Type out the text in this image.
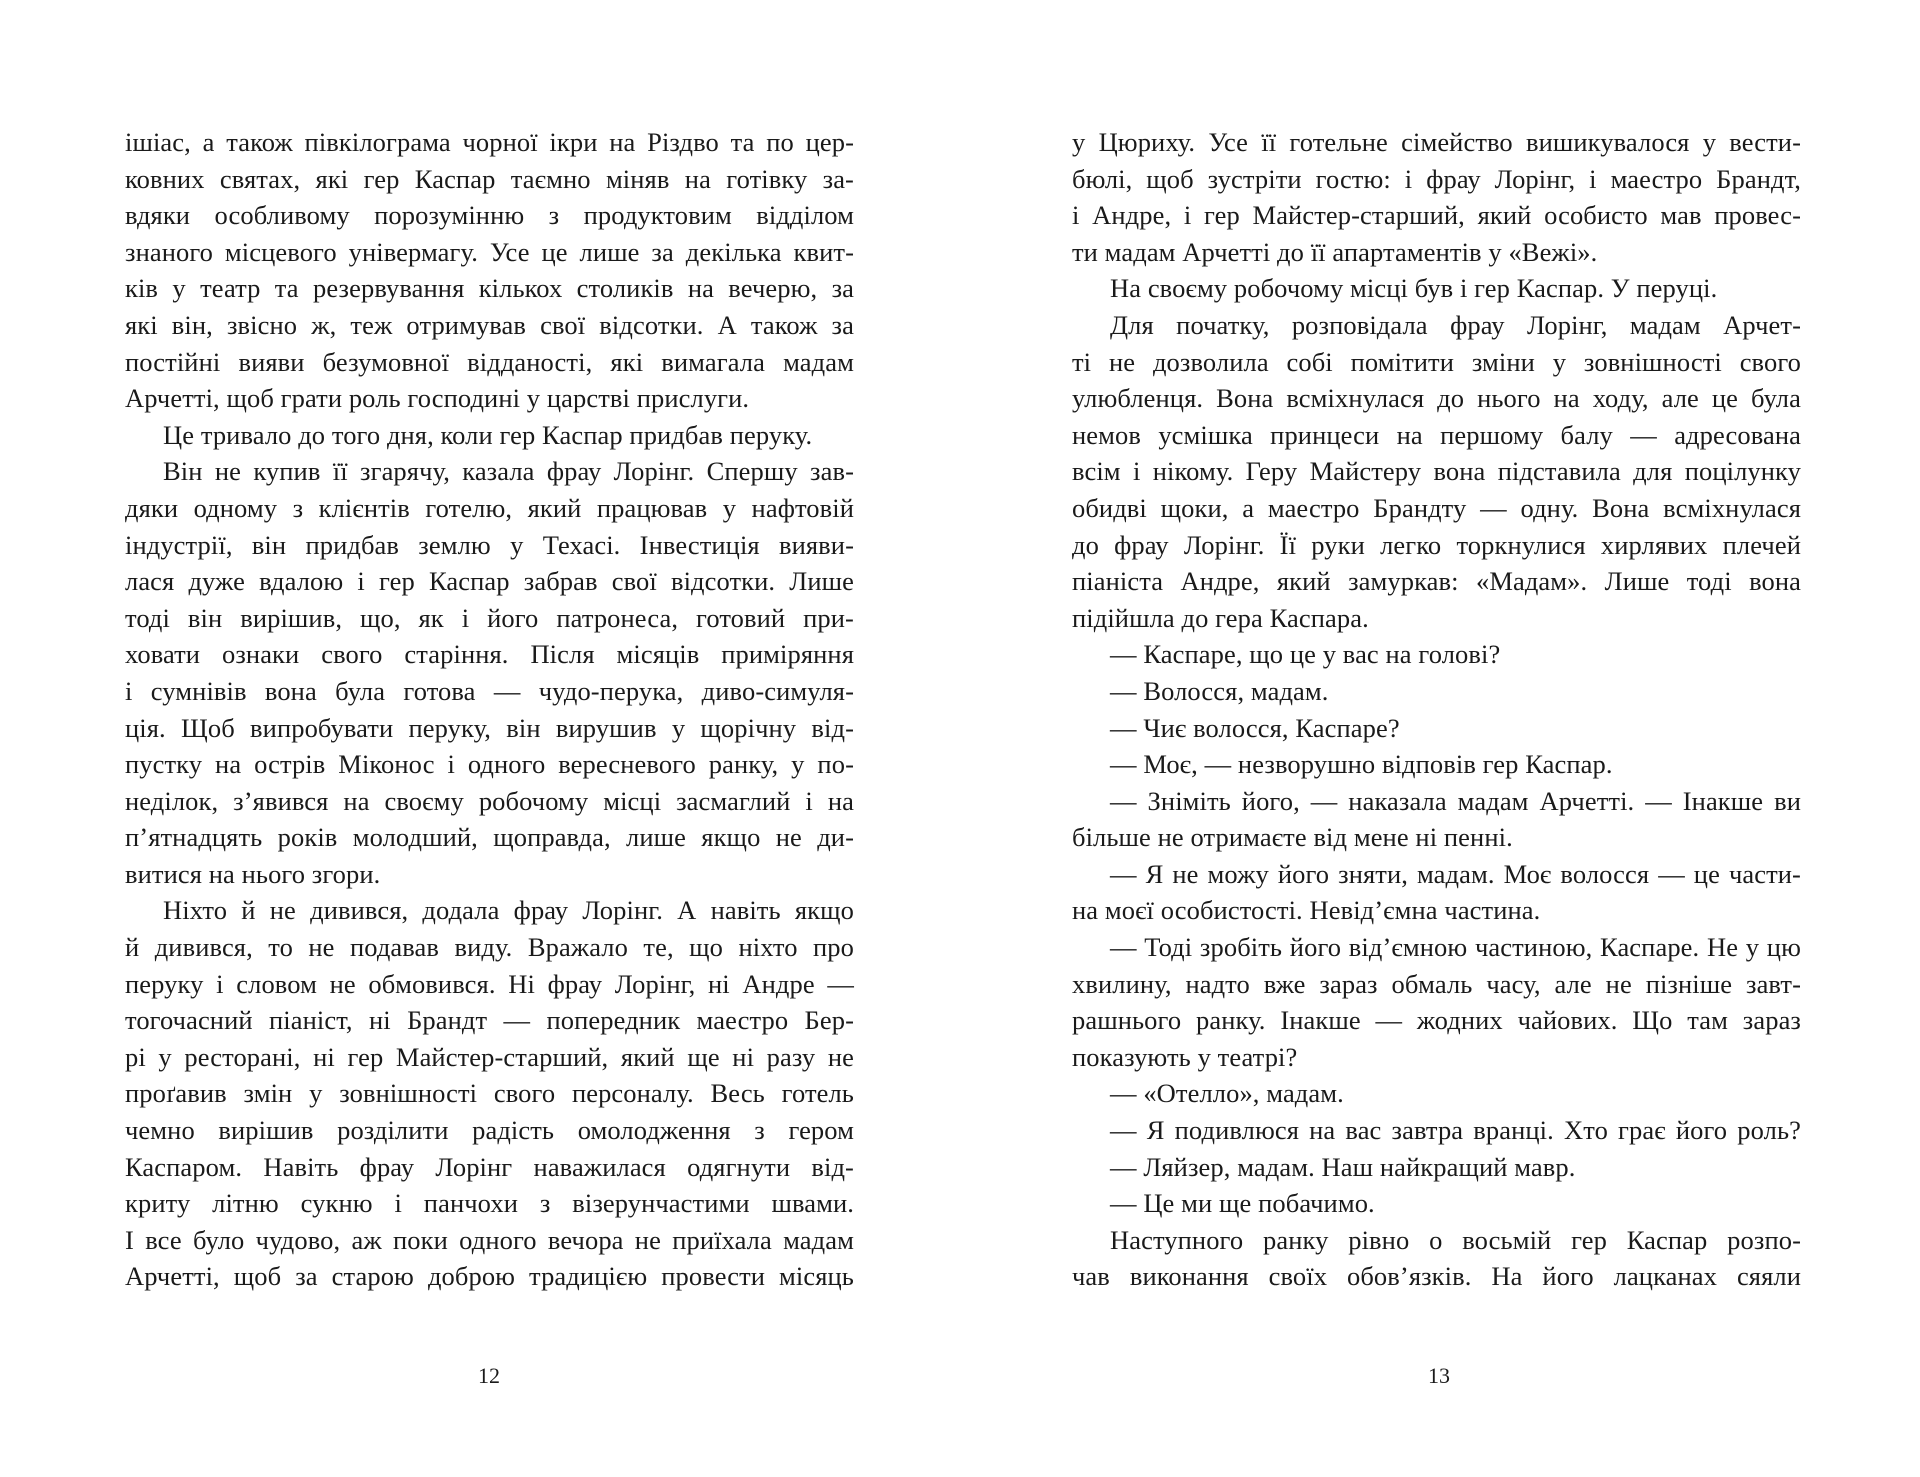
ішіас, а також півкілограма чорної ікри на Різдво та по цер-

ковних святах, які гер Каспар таємно міняв на готівку за-

вдяки особливому порозумінню з продуктовим відділом

знаного місцевого універмагу. Усе це лише за декілька квит-

ків у театр та резервування кількох столиків на вечерю, за

які він, звісно ж, теж отримував свої відсотки. А також за

постійні вияви безумовної відданості, які вимагала мадам

Арчетті, щоб грати роль господині у царстві прислуги.

Це тривало до того дня, коли гер Каспар придбав перуку.

Він не купив її згарячу, казала фрау Лорінг. Спершу зав-

дяки одному з клієнтів готелю, який працював у нафтовій

індустрії, він придбав землю у Техасі. Інвестиція вияви-

лася дуже вдалою і гер Каспар забрав свої відсотки. Лише

тоді він вирішив, що, як і його патронеса, готовий при-

ховати ознаки свого старіння. Після місяців приміряння

і сумнівів вона була готова — чудо-перука, диво-симуля-

ція. Щоб випробувати перуку, він вирушив у щорічну від-

пустку на острів Міконос і одного вересневого ранку, у по-

неділок, з’явився на своєму робочому місці засмаглий і на

п’ятнадцять років молодший, щоправда, лише якщо не ди-

витися на нього згори.

Ніхто й не дивився, додала фрау Лорінг. А навіть якщо

й дивився, то не подавав виду. Вражало те, що ніхто про

перуку і словом не обмовився. Ні фрау Лорінг, ні Андре —

тогочасний піаніст, ні Брандт — попередник маестро Бер-

рі у ресторані, ні гер Майстер-старший, який ще ні разу не

проґавив змін у зовнішності свого персоналу. Весь готель

чемно вирішив розділити радість омолодження з гером

Каспаром. Навіть фрау Лорінг наважилася одягнути від-

криту літню сукню і панчохи з візерунчастими швами.

І все було чудово, аж поки одного вечора не приїхала мадам

Арчетті, щоб за старою доброю традицією провести місяць

12

у Цюриху. Усе її готельне сімейство вишикувалося у вести-

бюлі, щоб зустріти гостю: і фрау Лорінг, і маестро Брандт,

і Андре, і гер Майстер-старший, який особисто мав провес-

ти мадам Арчетті до її апартаментів у «Вежі».

На своєму робочому місці був і гер Каспар. У перуці.

Для початку, розповідала фрау Лорінг, мадам Арчет-

ті не дозволила собі помітити зміни у зовнішності свого

улюбленця. Вона всміхнулася до нього на ходу, але це була

немов усмішка принцеси на першому балу — адресована

всім і нікому. Геру Майстеру вона підставила для поцілунку

обидві щоки, а маестро Брандту — одну. Вона всміхнулася

до фрау Лорінг. Її руки легко торкнулися хирлявих плечей

піаніста Андре, який замуркав: «Мадам». Лише тоді вона

підійшла до гера Каспара.

— Каспаре, що це у вас на голові?

— Волосся, мадам.

— Чиє волосся, Каспаре?

— Моє, — незворушно відповів гер Каспар.

— Зніміть його, — наказала мадам Арчетті. — Інакше ви

більше не отримаєте від мене ні пенні.

— Я не можу його зняти, мадам. Моє волосся — це части-

на моєї особистості. Невід’ємна частина.

— Тоді зробіть його від’ємною частиною, Каспаре. Не у цю

хвилину, надто вже зараз обмаль часу, але не пізніше завт-

рашнього ранку. Інакше — жодних чайових. Що там зараз

показують у театрі?

— «Отелло», мадам.

— Я подивлюся на вас завтра вранці. Хто грає його роль?

— Ляйзер, мадам. Наш найкращий мавр.

— Це ми ще побачимо.

Наступного ранку рівно о восьмій гер Каспар розпо-

чав виконання своїх обов’язків. На його лацканах сяяли

13
